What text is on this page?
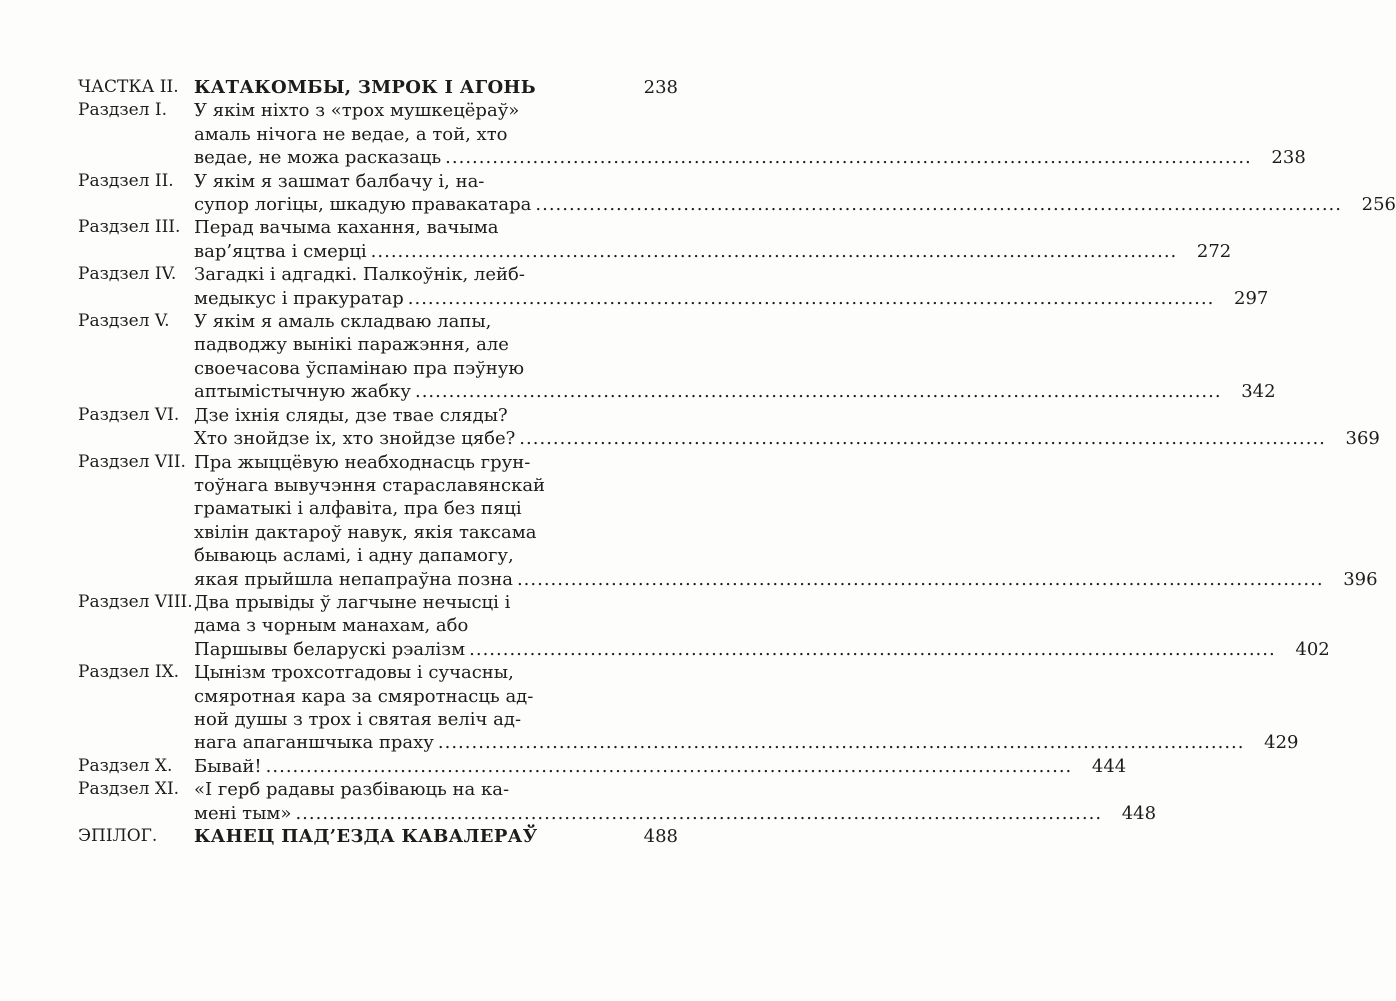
ЧАСТКА II. КАТАКОМБЫ, ЗМРОК I АГОНЬ	238
Раздзел I.	У якім ніхто з «трох мушкецёраў»
амаль нічога не ведае, а той, хто
ведае, не можа расказаць ........................................................................................................................	238
Раздзел II.	У якім я зашмат балбачу і, на-
супор логіцы, шкадую правакатара ........................................................................................................................	256
Раздзел III. Перад вачыма кахання, вачыма
вар’яцтва і смерці ........................................................................................................................	272
Раздзел IV. Загадкі і адгадкі. Палкоўнік, лейб-
медыкус і пракуратар ........................................................................................................................	297
Раздзел V.	У якім я амаль складваю лапы,
падводжу вынікі паражэння, але
своечасова ўспамінаю пра пэўную
аптымістычную жабку ........................................................................................................................	342
Раздзел VI. Дзе іхнія сляды, дзе твае сляды?
Хто знойдзе іх, хто знойдзе цябе? ........................................................................................................................	369
Раздзел VII. Пра жыццёвую неабходнасць грун-
тоўнага вывучэння стараславянскай
граматыкі і алфавіта, пра без пяці
хвілін дактароў навук, якія таксама
бываюць асламі, і адну дапамогу,
якая прыйшла непапраўна позна ........................................................................................................................	396
Раздзел VIII. Два прывіды ў лагчыне нечысці і
дама з чорным манахам, або
Паршывы беларускі рэалізм ........................................................................................................................	402
Раздзел IX. Цынізм трохсотгадовы і сучасны,
смяротная кара за смяротнасць ад-
ной душы з трох і святая веліч ад-
нага апаганшчыка праху ........................................................................................................................	429
Раздзел X.	Бывай! ........................................................................................................................	444
Раздзел XI. «І герб радавы разбіваюць на ка-
мені тым» ........................................................................................................................	448
ЭПІЛОГ.	КАНЕЦ ПАД’ЕЗДА КАВАЛЕРАЎ	488
